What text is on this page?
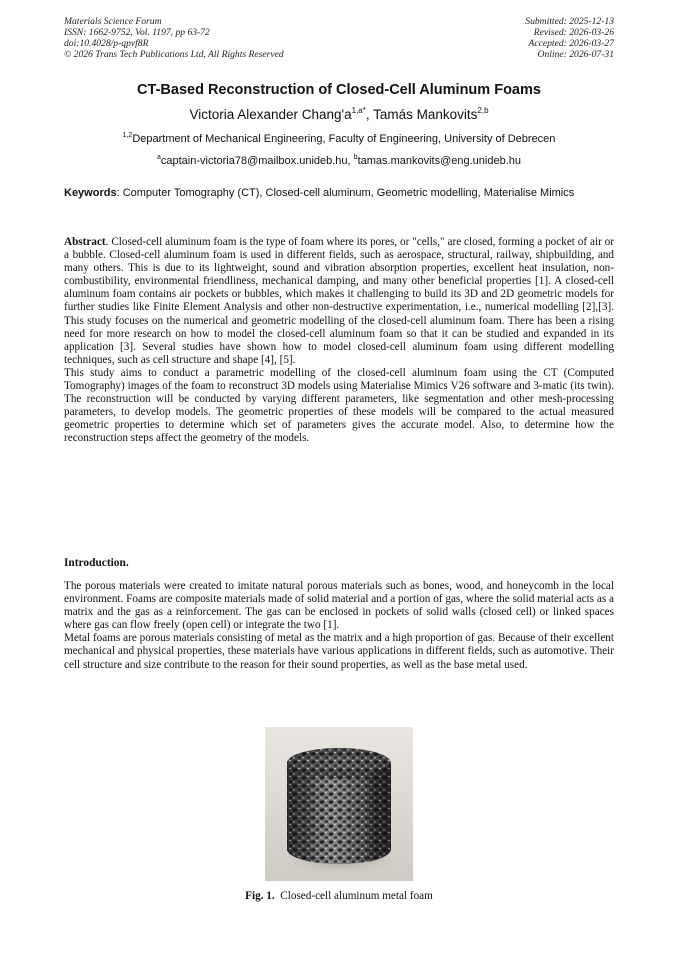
Materials Science Forum
ISSN: 1662-9752, Vol. 1197, pp 63-72
doi:10.4028/p-qpvf8R
© 2026 Trans Tech Publications Ltd, All Rights Reserved
Submitted: 2025-12-13
Revised: 2026-03-26
Accepted: 2026-03-27
Online: 2026-07-31
CT-Based Reconstruction of Closed-Cell Aluminum Foams
Victoria Alexander $Chang'a^{1,a*}$, Tamás Mankovits$^{2,b}$
$^{1,2}$Department of Mechanical Engineering, Faculty of Engineering, University of Debrecen
$^a$captain-victoria78@mailbox.unideb.hu, $^b$tamas.mankovits@eng.unideb.hu
Keywords: Computer Tomography (CT), Closed-cell aluminum, Geometric modelling, Materialise Mimics

Abstract. Closed-cell aluminum foam is the type of foam where its pores, or "cells," are closed, forming a pocket of air or a bubble. Closed-cell aluminum foam is used in different fields, such as aerospace, structural, railway, shipbuilding, and many others. This is due to its lightweight, sound and vibration absorption properties, excellent heat insulation, non-combustibility, environmental friendliness, mechanical damping, and many other beneficial properties [1]. A closed-cell aluminum foam contains air pockets or bubbles, which makes it challenging to build its 3D and 2D geometric models for further studies like Finite Element Analysis and other non-destructive experimentation, i.e., numerical modelling [2],[3]. This study focuses on the numerical and geometric modelling of the closed-cell aluminum foam. There has been a rising need for more research on how to model the closed-cell aluminum foam so that it can be studied and expanded in its application [3]. Several studies have shown how to model closed-cell aluminum foam using different modelling techniques, such as cell structure and shape [4], [5].

This study aims to conduct a parametric modelling of the closed-cell aluminum foam using the CT (Computed Tomography) images of the foam to reconstruct 3D models using Materialise Mimics V26 software and 3-matic (its twin). The reconstruction will be conducted by varying different parameters, like segmentation and other mesh-processing parameters, to develop models. The geometric properties of these models will be compared to the actual measured geometric properties to determine which set of parameters gives the accurate model. Also, to determine how the reconstruction steps affect the geometry of the models.

Introduction.

The porous materials were created to imitate natural porous materials such as bones, wood, and honeycomb in the local environment. Foams are composite materials made of solid material and a portion of gas, where the solid material acts as a matrix and the gas as a reinforcement. The gas can be enclosed in pockets of solid walls (closed cell) or linked spaces where gas can flow freely (open cell) or integrate the two [1].

Metal foams are porous materials consisting of metal as the matrix and a high proportion of gas. Because of their excellent mechanical and physical properties, these materials have various applications in different fields, such as automotive. Their cell structure and size contribute to the reason for their sound properties, as well as the base metal used.

Fig. 1. Closed-cell aluminum metal foam
